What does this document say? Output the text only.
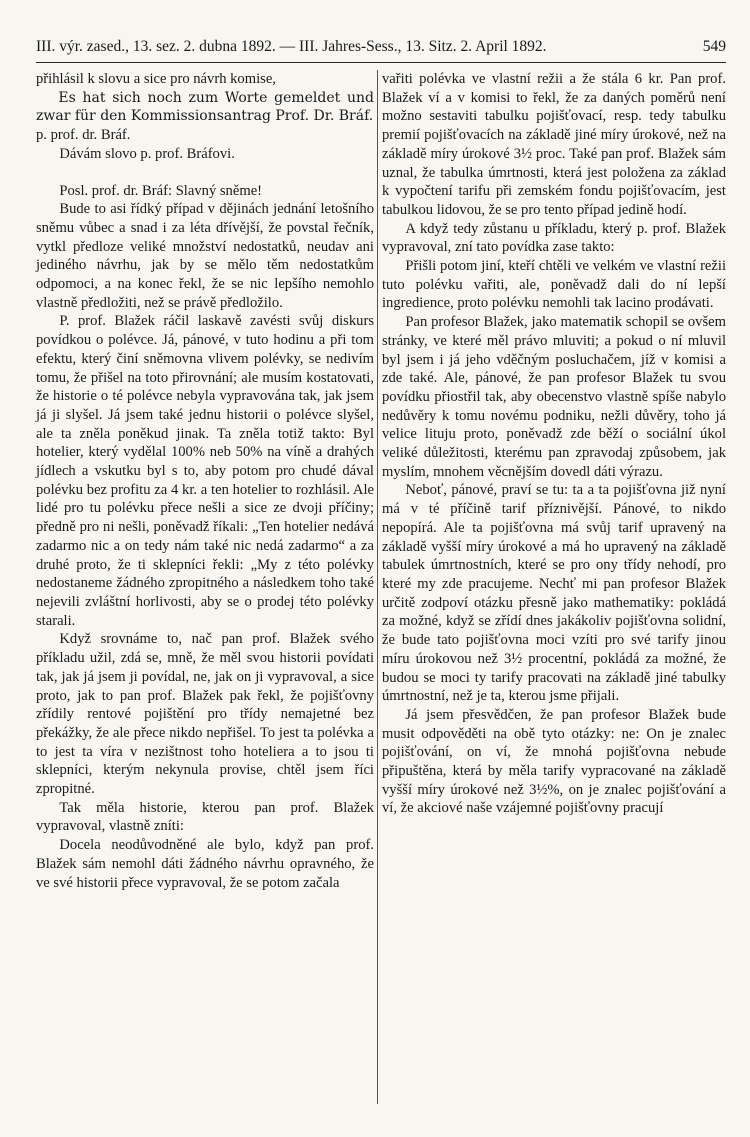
III. výr. zased., 13. sez. 2. dubna 1892. — III. Jahres-Sess., 13. Sitz. 2. April 1892.	549

přihlásil k slovu a sice pro návrh komise,

Es hat sich noch zum Worte gemeldet und zwar für den Kommissionsantrag Prof. Dr. Bráf.

p. prof. dr. Bráf.

Dávám slovo p. prof. Bráfovi.

Posl. prof. dr. Bráf: Slavný sněme!

Bude to asi řídký případ v dějinách jednání letošního sněmu vůbec a snad i za léta dřívější, že povstal řečník, vytkl předloze veliké množství nedostatků, neudav ani jediného návrhu, jak by se mělo těm nedostatkům odpomoci, a na konec řekl, že se nic lepšího nemohlo vlastně předložiti, než se právě předložilo.

P. prof. Blažek ráčil laskavě zavésti svůj diskurs povídkou o polévce. Já, pánové, v tuto hodinu a při tom efektu, který činí sněmovna vlivem polévky, se nedivím tomu, že přišel na toto přirovnání; ale musím kostatovati, že historie o té polévce nebyla vypravována tak, jak jsem já ji slyšel. Já jsem také jednu historii o polévce slyšel, ale ta zněla poněkud jinak. Ta zněla totiž takto: Byl hotelier, který vydělal 100% neb 50% na víně a drahých jídlech a vskutku byl s to, aby potom pro chudé dával polévku bez profitu za 4 kr. a ten hotelier to rozhlásil. Ale lidé pro tu polévku přece nešli a sice ze dvoji příčiny; předně pro ni nešli, poněvadž říkali: „Ten hotelier nedává zadarmo nic a on tedy nám také nic nedá zadarmo“ a za druhé proto, že ti sklepníci řekli: „My z této polévky nedostaneme žádného zpropitného a následkem toho také nejevili zvláštní horlivosti, aby se o prodej této polévky starali.

Když srovnáme to, nač pan prof. Blažek svého příkladu užil, zdá se, mně, že měl svou historii povídati tak, jak já jsem ji povídal, ne, jak on ji vypravoval, a sice proto, jak to pan prof. Blažek pak řekl, že pojišťovny zřídily rentové pojištění pro třídy nemajetné bez překážky, že ale přece nikdo nepřišel. To jest ta polévka a to jest ta víra v nezištnost toho hoteliera a to jsou ti sklepníci, kterým nekynula provise, chtěl jsem říci zpropitné.

Tak měla historie, kterou pan prof. Blažek vypravoval, vlastně zníti:

Docela neodůvodněné ale bylo, když pan prof. Blažek sám nemohl dáti žádného návrhu opravného, že ve své historii přece vypravoval, že se potom začala

vařiti polévka ve vlastní režii a že stála 6 kr. Pan prof. Blažek ví a v komisi to řekl, že za daných poměrů není možno sestaviti tabulku pojišťovací, resp. tedy tabulku premií pojišťovacích na základě jiné míry úrokové, než na základě míry úrokové 3½ proc. Také pan prof. Blažek sám uznal, že tabulka úmrtnosti, která jest položena za základ k vypočtení tarifu při zemském fondu pojišťovacím, jest tabulkou lidovou, že se pro tento případ jedině hodí.

A když tedy zůstanu u příkladu, který p. prof. Blažek vypravoval, zní tato povídka zase takto:

Přišli potom jiní, kteří chtěli ve velkém ve vlastní režii tuto polévku vařiti, ale, poněvadž dali do ní lepší ingredience, proto polévku nemohli tak lacino prodávati.

Pan profesor Blažek, jako matematik schopil se ovšem stránky, ve které měl právo mluviti; a pokud o ní mluvil byl jsem i já jeho vděčným posluchačem, jíž v komisi a zde také. Ale, pánové, že pan profesor Blažek tu svou povídku přiostřil tak, aby obecenstvo vlastně spíše nabylo nedůvěry k tomu novému podniku, nežli důvěry, toho já velice lituju proto, poněvadž zde běží o sociální úkol veliké důležitosti, kterému pan zpravodaj způsobem, jak myslím, mnohem věcnějším dovedl dáti výrazu.

Neboť, pánové, praví se tu: ta a ta pojišťovna již nyní má v té příčině tarif příznivější. Pánové, to nikdo nepopírá. Ale ta pojišťovna má svůj tarif upravený na základě vyšší míry úrokové a má ho upravený na základě tabulek úmrtnostních, které se pro ony třídy nehodí, pro které my zde pracujeme. Nechť mi pan profesor Blažek určitě zodpoví otázku přesně jako mathematiky: pokládá za možné, když se zřídí dnes jakákoliv pojišťovna solidní, že bude tato pojišťovna moci vzíti pro své tarify jinou míru úrokovou než 3½ procentní, pokládá za možné, že budou se moci ty tarify pracovati na základě jiné tabulky úmrtnostní, než je ta, kterou jsme přijali.

Já jsem přesvědčen, že pan profesor Blažek bude musit odpověděti na obě tyto otázky: ne: On je znalec pojišťování, on ví, že mnohá pojišťovna nebude připuštěna, která by měla tarify vypracované na základě vyšší míry úrokové než 3½%, on je znalec pojišťování a ví, že akciové naše vzájemné pojišťovny pracují
